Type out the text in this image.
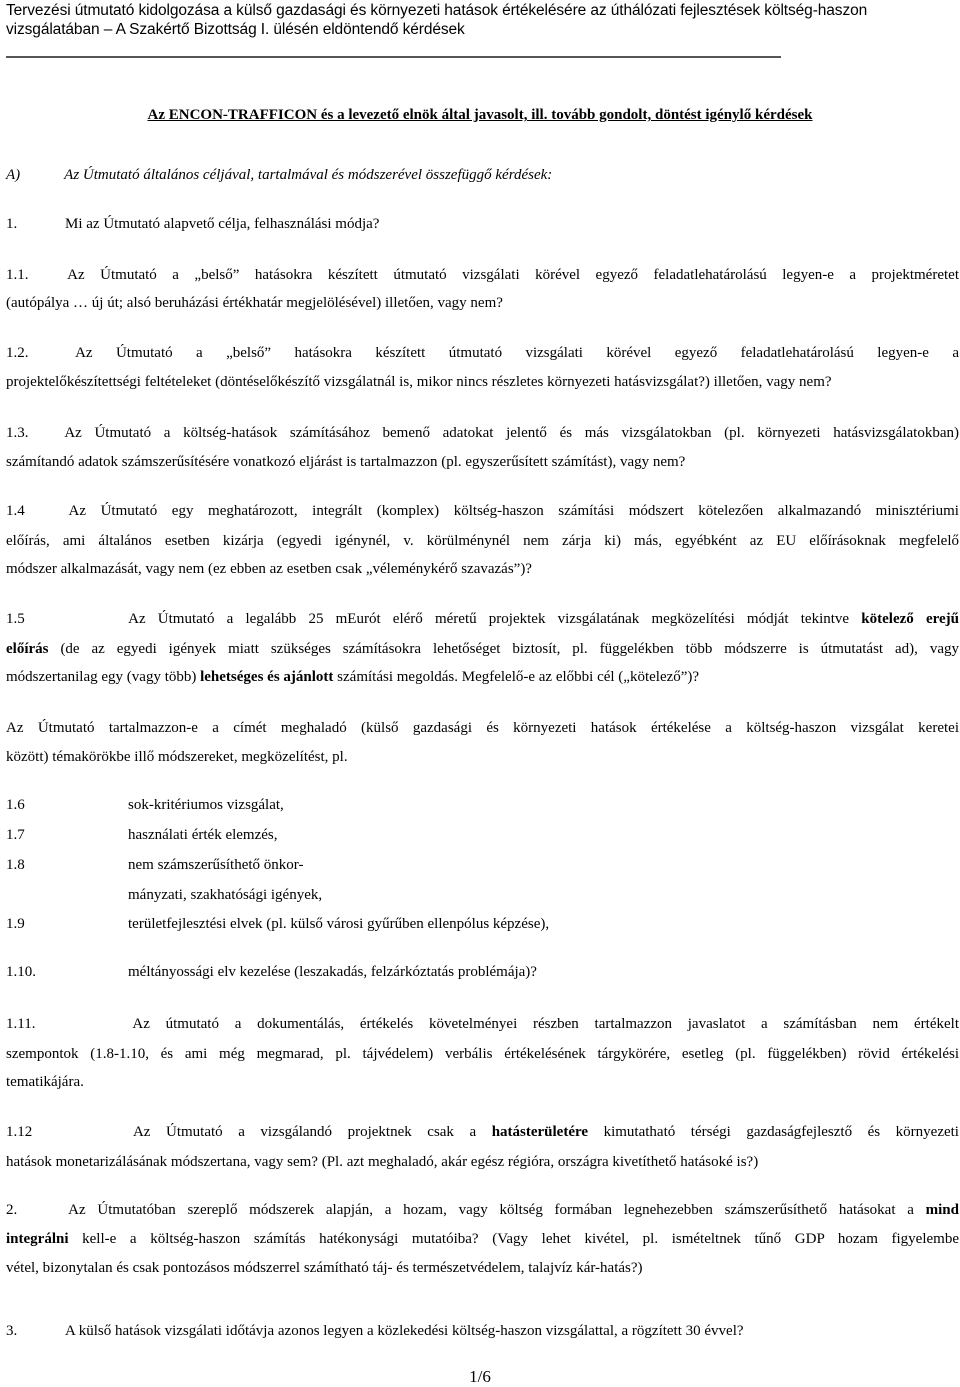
Tervezési útmutató kidolgozása a külső gazdasági és környezeti hatások értékelésére az úthálózati fejlesztések költség-haszon
vizsgálatában – A Szakértő Bizottság I. ülésén eldöntendő kérdések
Az ENCON-TRAFFICON és a levezető elnök által javasolt, ill. tovább gondolt, döntést igénylő kérdések
A)	Az Útmutató általános céljával, tartalmával és módszerével összefüggő kérdések:
1.	Mi az Útmutató alapvető célja, felhasználási módja?
1.1.	Az Útmutató a „belső” hatásokra készített útmutató vizsgálati körével egyező feladatlehatárolású legyen-e a projektméretet
(autópálya … új út; alsó beruházási értékhatár megjelölésével) illetően, vagy nem?
1.2.	Az Útmutató a „belső” hatásokra készített útmutató vizsgálati körével egyező feladatlehatárolású legyen-e a
projektelőkészítettségi feltételeket (döntéselőkészítő vizsgálatnál is, mikor nincs részletes környezeti hatásvizsgálat?) illetően, vagy nem?
1.3. Az Útmutató a költség-hatások számításához bemenő adatokat jelentő és más vizsgálatokban (pl. környezeti hatásvizsgálatokban)
számítandó adatok számszerűsítésére vonatkozó eljárást is tartalmazzon (pl. egyszerűsített számítást), vagy nem?
1.4	Az Útmutató egy meghatározott, integrált (komplex) költség-haszon számítási módszert kötelezően alkalmazandó minisztériumi
előírás, ami általános esetben kizárja (egyedi igénynél, v. körülménynél nem zárja ki) más, egyébként az EU előírásoknak megfelelő
módszer alkalmazását, vagy nem (ez ebben az esetben csak „véleménykérő szavazás”)?
1.5	Az Útmutató a legalább 25 mEurót elérő méretű projektek vizsgálatának megközelítési módját tekintve kötelező erejű
előírás (de az egyedi igények miatt szükséges számításokra lehetőséget biztosít, pl. függelékben több módszerre is útmutatást ad), vagy
módszertanilag egy (vagy több) lehetséges és ajánlott számítási megoldás. Megfelelő-e az előbbi cél („kötelező”)?
Az Útmutató tartalmazzon-e a címét meghaladó (külső gazdasági és környezeti hatások értékelése a költség-haszon vizsgálat keretei
között) témakörökbe illő módszereket, megközelítést, pl.
1.6	sok-kritériumos vizsgálat,
1.7	használati érték elemzés,
1.8	nem számszerűsíthető önkor-
mányzati, szakhatósági igények,
1.9	területfejlesztési elvek (pl. külső városi gyűrűben ellenpólus képzése),
1.10.	méltányossági elv kezelése (leszakadás, felzárkóztatás problémája)?
1.11.	Az útmutató a dokumentálás, értékelés követelményei részben tartalmazzon javaslatot a számításban nem értékelt
szempontok (1.8-1.10, és ami még megmarad, pl. tájvédelem) verbális értékelésének tárgykörére, esetleg (pl. függelékben) rövid értékelési
tematikájára.
1.12	Az Útmutató a vizsgálandó projektnek csak a hatásterületére kimutatható térségi gazdaságfejlesztő és környezeti
hatások monetarizálásának módszertana, vagy sem? (Pl. azt meghaladó, akár egész régióra, országra kivetíthető hatásoké is?)
2.	Az Útmutatóban szereplő módszerek alapján, a hozam, vagy költség formában legnehezebben számszerűsíthető hatásokat a mind
integrálni kell-e a költség-haszon számítás hatékonysági mutatóiba? (Vagy lehet kivétel, pl. ismételtnek tűnő GDP hozam figyelembe
vétel, bizonytalan és csak pontozásos módszerrel számítható táj- és természetvédelem, talajvíz kár-hatás?)
3.	A külső hatások vizsgálati időtávja azonos legyen a közlekedési költség-haszon vizsgálattal, a rögzített 30 évvel?
1/6
